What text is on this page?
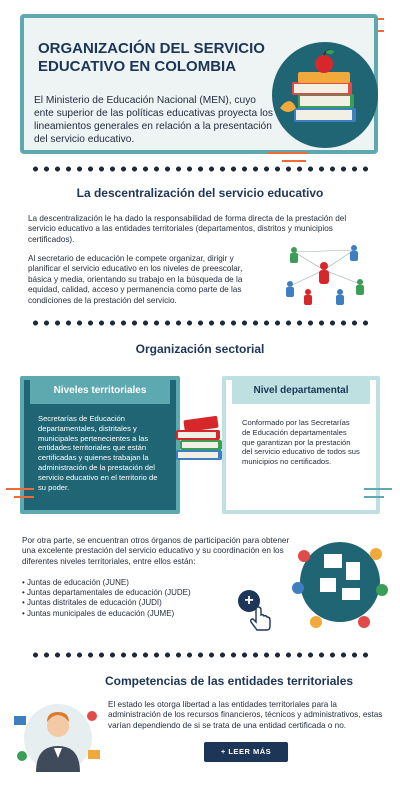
ORGANIZACIÓN DEL SERVICIO EDUCATIVO EN COLOMBIA
El Ministerio de Educación Nacional (MEN), cuyo ente superior de las políticas educativas proyecta los lineamientos generales en relación a la presentación del servicio educativo.
La descentralización del servicio educativo
La descentralización le ha dado la responsabilidad de forma directa de la prestación del servicio educativo a las entidades territoriales (departamentos, distritos y municipios certificados).
Al secretario de educación le compete organizar, dirigir y planificar el servicio educativo en los niveles de preescolar, básica y media, orientando su trabajo en la búsqueda de la equidad, calidad, acceso y permanencia como parte de las condiciones de la prestación del servicio.
Organización sectorial
Niveles territoriales
Secretarías de Educación departamentales, distritales y municipales pertenecientes a las entidades territoriales que están certificadas y quienes trabajan la administración de la prestación del servicio educativo en el territorio de su poder.
Nivel departamental
Conformado por las Secretarías de Educación departamentales que garantizan por la prestación del servicio educativo de todos sus municipios no certificados.
Por otra parte, se encuentran otros órganos de participación para obtener una excelente prestación del servicio educativo y su coordinación en los diferentes niveles territoriales, entre ellos están:
• Juntas de educación (JUNE)
• Juntas departamentales de educación (JUDE)
• Juntas distritales de educación (JUDI)
• Juntas municipales de educación (JUME)
+
Competencias de las entidades territoriales
El estado les otorga libertad a las entidades territoriales para la administración de los recursos financieros, técnicos y administrativos, estas varían dependiendo de si se trata de una entidad certificada o no.
+ LEER MÁS
